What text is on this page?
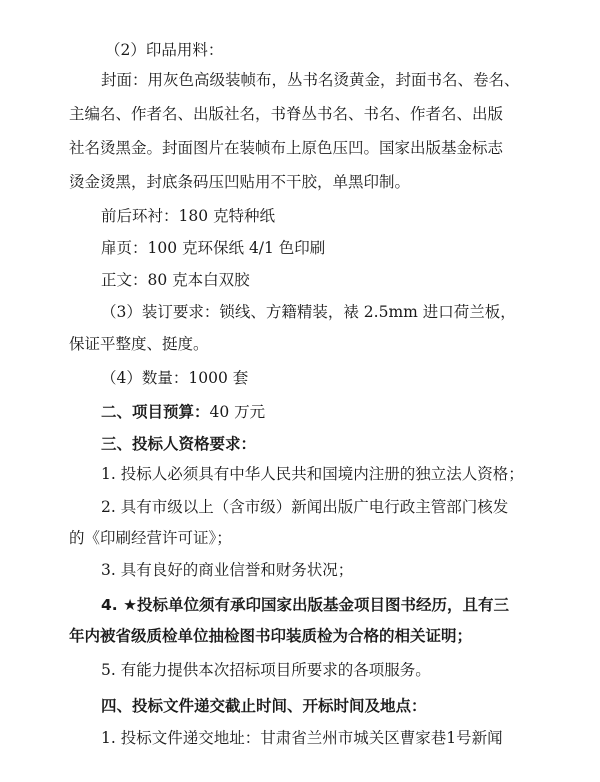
（2）印品用料：
封面：用灰色高级装帧布，丛书名烫黄金，封面书名、卷名、
主编名、作者名、出版社名，书脊丛书名、书名、作者名、出版
社名烫黑金。封面图片在装帧布上原色压凹。国家出版基金标志
烫金烫黑，封底条码压凹贴用不干胶，单黑印制。
前后环衬：180 克特种纸
扉页：100 克环保纸 4/1 色印刷
正文：80 克本白双胶
（3）装订要求：锁线、方籍精装，裱 2.5mm 进口荷兰板，
保证平整度、挺度。
（4）数量：1000 套
二、项目预算：40 万元
三、投标人资格要求：
1. 投标人必须具有中华人民共和国境内注册的独立法人资格；
2. 具有市级以上（含市级）新闻出版广电行政主管部门核发
的《印刷经营许可证》；
3. 具有良好的商业信誉和财务状况；
4. ★投标单位须有承印国家出版基金项目图书经历，且有三
年内被省级质检单位抽检图书印装质检为合格的相关证明；
5. 有能力提供本次招标项目所要求的各项服务。
四、投标文件递交截止时间、开标时间及地点：
1. 投标文件递交地址：甘肃省兰州市城关区曹家巷1号新闻
